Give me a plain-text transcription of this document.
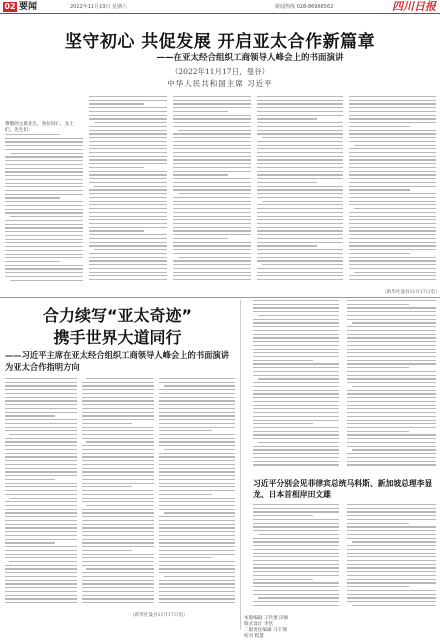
02 要闻	2022年11月19日 星期六	新闻热线 028-86968562	四川日报
坚守初心 共促发展 开启亚太合作新篇章
——在亚太经合组织工商领导人峰会上的书面演讲
（2022年11月17日，曼谷）
中华人民共和国主席 习近平
尊敬的主席先生，各位同仁，女士们，先生们：
（新华社曼谷11月17日电）
合力续写“亚太奇迹”
携手世界大道同行
——习近平主席在亚太经合组织工商领导人峰会上的书面演讲为亚太合作指明方向
习近平分别会见菲律宾总统马科斯、新加坡总理李显龙、日本首相岸田文雄
（新华社曼谷11月17日电）
本版编辑 王代强 田俊
版式设计 李恬
二版责任编辑 马丰翔
校对 程慧
